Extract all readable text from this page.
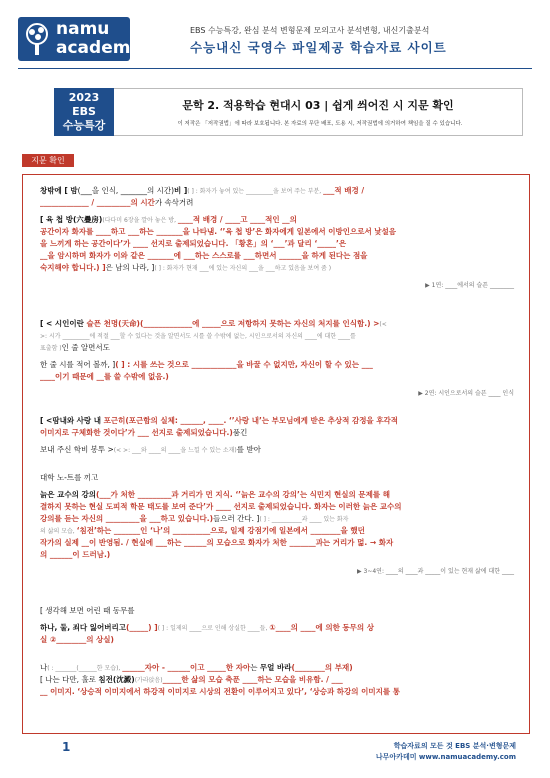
namu
academy
EBS 수능특강, 완심 분석 변형문제 모의고사 분석변형, 내신기출분석
수능내신 국영수 파일제공 학습자료 사이트
2023
EBS
수능특강
문학 2. 적용학습 현대시 03 | 쉽게 씌어진 시 지문 확인
이 저작은 「저작권법」에 따라 보호됩니다. 본 자료의 무단 배포, 도용 시, 저작권법에 의거하여 책임을 질 수 있습니다.
지문 확인
창밖에 [ 밤(___을 인식, _______의 시간)비 ]( ] : 화자가 놓여 있는 _________을 보여 주는 부분, ___적 배경 /
_____________ / _________의 시간가 속삭거려
[ 육 첩 방(六疊房)(다다미 6장을 깔아 놓은 방, ____적 배경 / ____고 ____적인 __의
공간이자 화자를 ____하고 ___하는 _______을 나타냄. ‘’육 첩 방’은 화자에게 일본에서 이방인으로서 낯설음
을 느끼게 하는 공간이다’가 ____ 선지로 출제되었습니다. 「황혼」의 ‘___’과 달리 ‘_____’은
__을 암시하며 화자가 이와 같은 _______에 ___하는 스스로를 ___하면서 ______을 하게 된다는 점을
숙지해야 합니다.) ]은 남의 나라, ]( ] : 화자가 현재 ___에 있는 자신의 ___을 ___하고 있음을 보여 줌 )
[ < 시인이란 슬픈 천명(天命)(_____________에 _____으로 저항하지 못하는 자신의 처지를 인식함.) >(<
>: 시가 _________에 적절 ___할 수 있다는 것을 알면서도 시를 쓸 수밖에 없는, 시인으로서의 자신의 ____에 대한 ____를
표출함 )인 줄 알면서도
한 줄 시를 적어 볼까, ]( ] : 시를 쓰는 것으로 ____________을 바꿀 수 없지만, 자신이 할 수 있는 ___
____이기 때문에 __를 쓸 수밖에 없음.)
[ <땀내와 사랑 내 포근히(포근함의 실체: ______, ____. ‘’사랑 내’는 부모님에게 받은 추상적 감정을 후각적
이미지로 구체화한 것이다’가 ___ 선지로 출제되었습니다.)품긴
보내 주신 학비 봉투 >(< >: ___와 ____의 ____을 느낄 수 있는 소재)를 받아
대학 노-트를 끼고
늙은 교수의 강의(___가 처한 _________과 거리가 먼 지식. ‘’늙은 교수의 강의’는 식민지 현실의 문제를 해
결하지 못하는 현실 도피적 학문 태도를 보여 준다’가 ____ 선지로 출제되었습니다. 화자는 이러한 늙은 교수의
강의를 듣는 자신의 _________을 ___하고 있습니다.)들으러 간다. ]( ] : __________과 ____ 있는 화자
의 삶의 모습, ‘침전’하는 _______인 ‘나’의 __________으로, 일제 강점기에 일본에서 ________을 했던
작가의 실제 __이 반영됨. / 현실에 ___하는 ______의 모습으로 화자가 처한 _______과는 거리가 멂. → 화자
의 ______이 드러남.)
[ 생각해 보면 어린 때 동무를
하나, 둘, 죄다 잃어버리고(_____) ]( ] : 일제의 ____으로 인해 상실한 ____들, ①____의 ____에 의한 동무의 상
실 ②________의 상실)
나( : _______(______한 모습), ______자아 - ______이고 _____한 자아는 무얼 바라(________의 부재)
[ 나는 다만, 홀로 침전(沈澱)(가라앉음)_____한 삶의 모습 축푼 ____하는 모습을 비유함. / ___
__ 이미지. ‘상승적 이미지에서 하강적 이미지로 시상의 전환이 이루어지고 있다’, ‘상승과 하강의 이미지를 통
▶ 1연: ____에서의 슬픈 ________
▶ 2연: 시인으로서의 슬픈 ____ 인식
▶ 3~4연: ____의 ____과 _____이 있는 현재 삶에 대한 ____
1	학습자료의 모든 것 EBS 분석·변형문제
나무아카데미 www.namuacademy.com
